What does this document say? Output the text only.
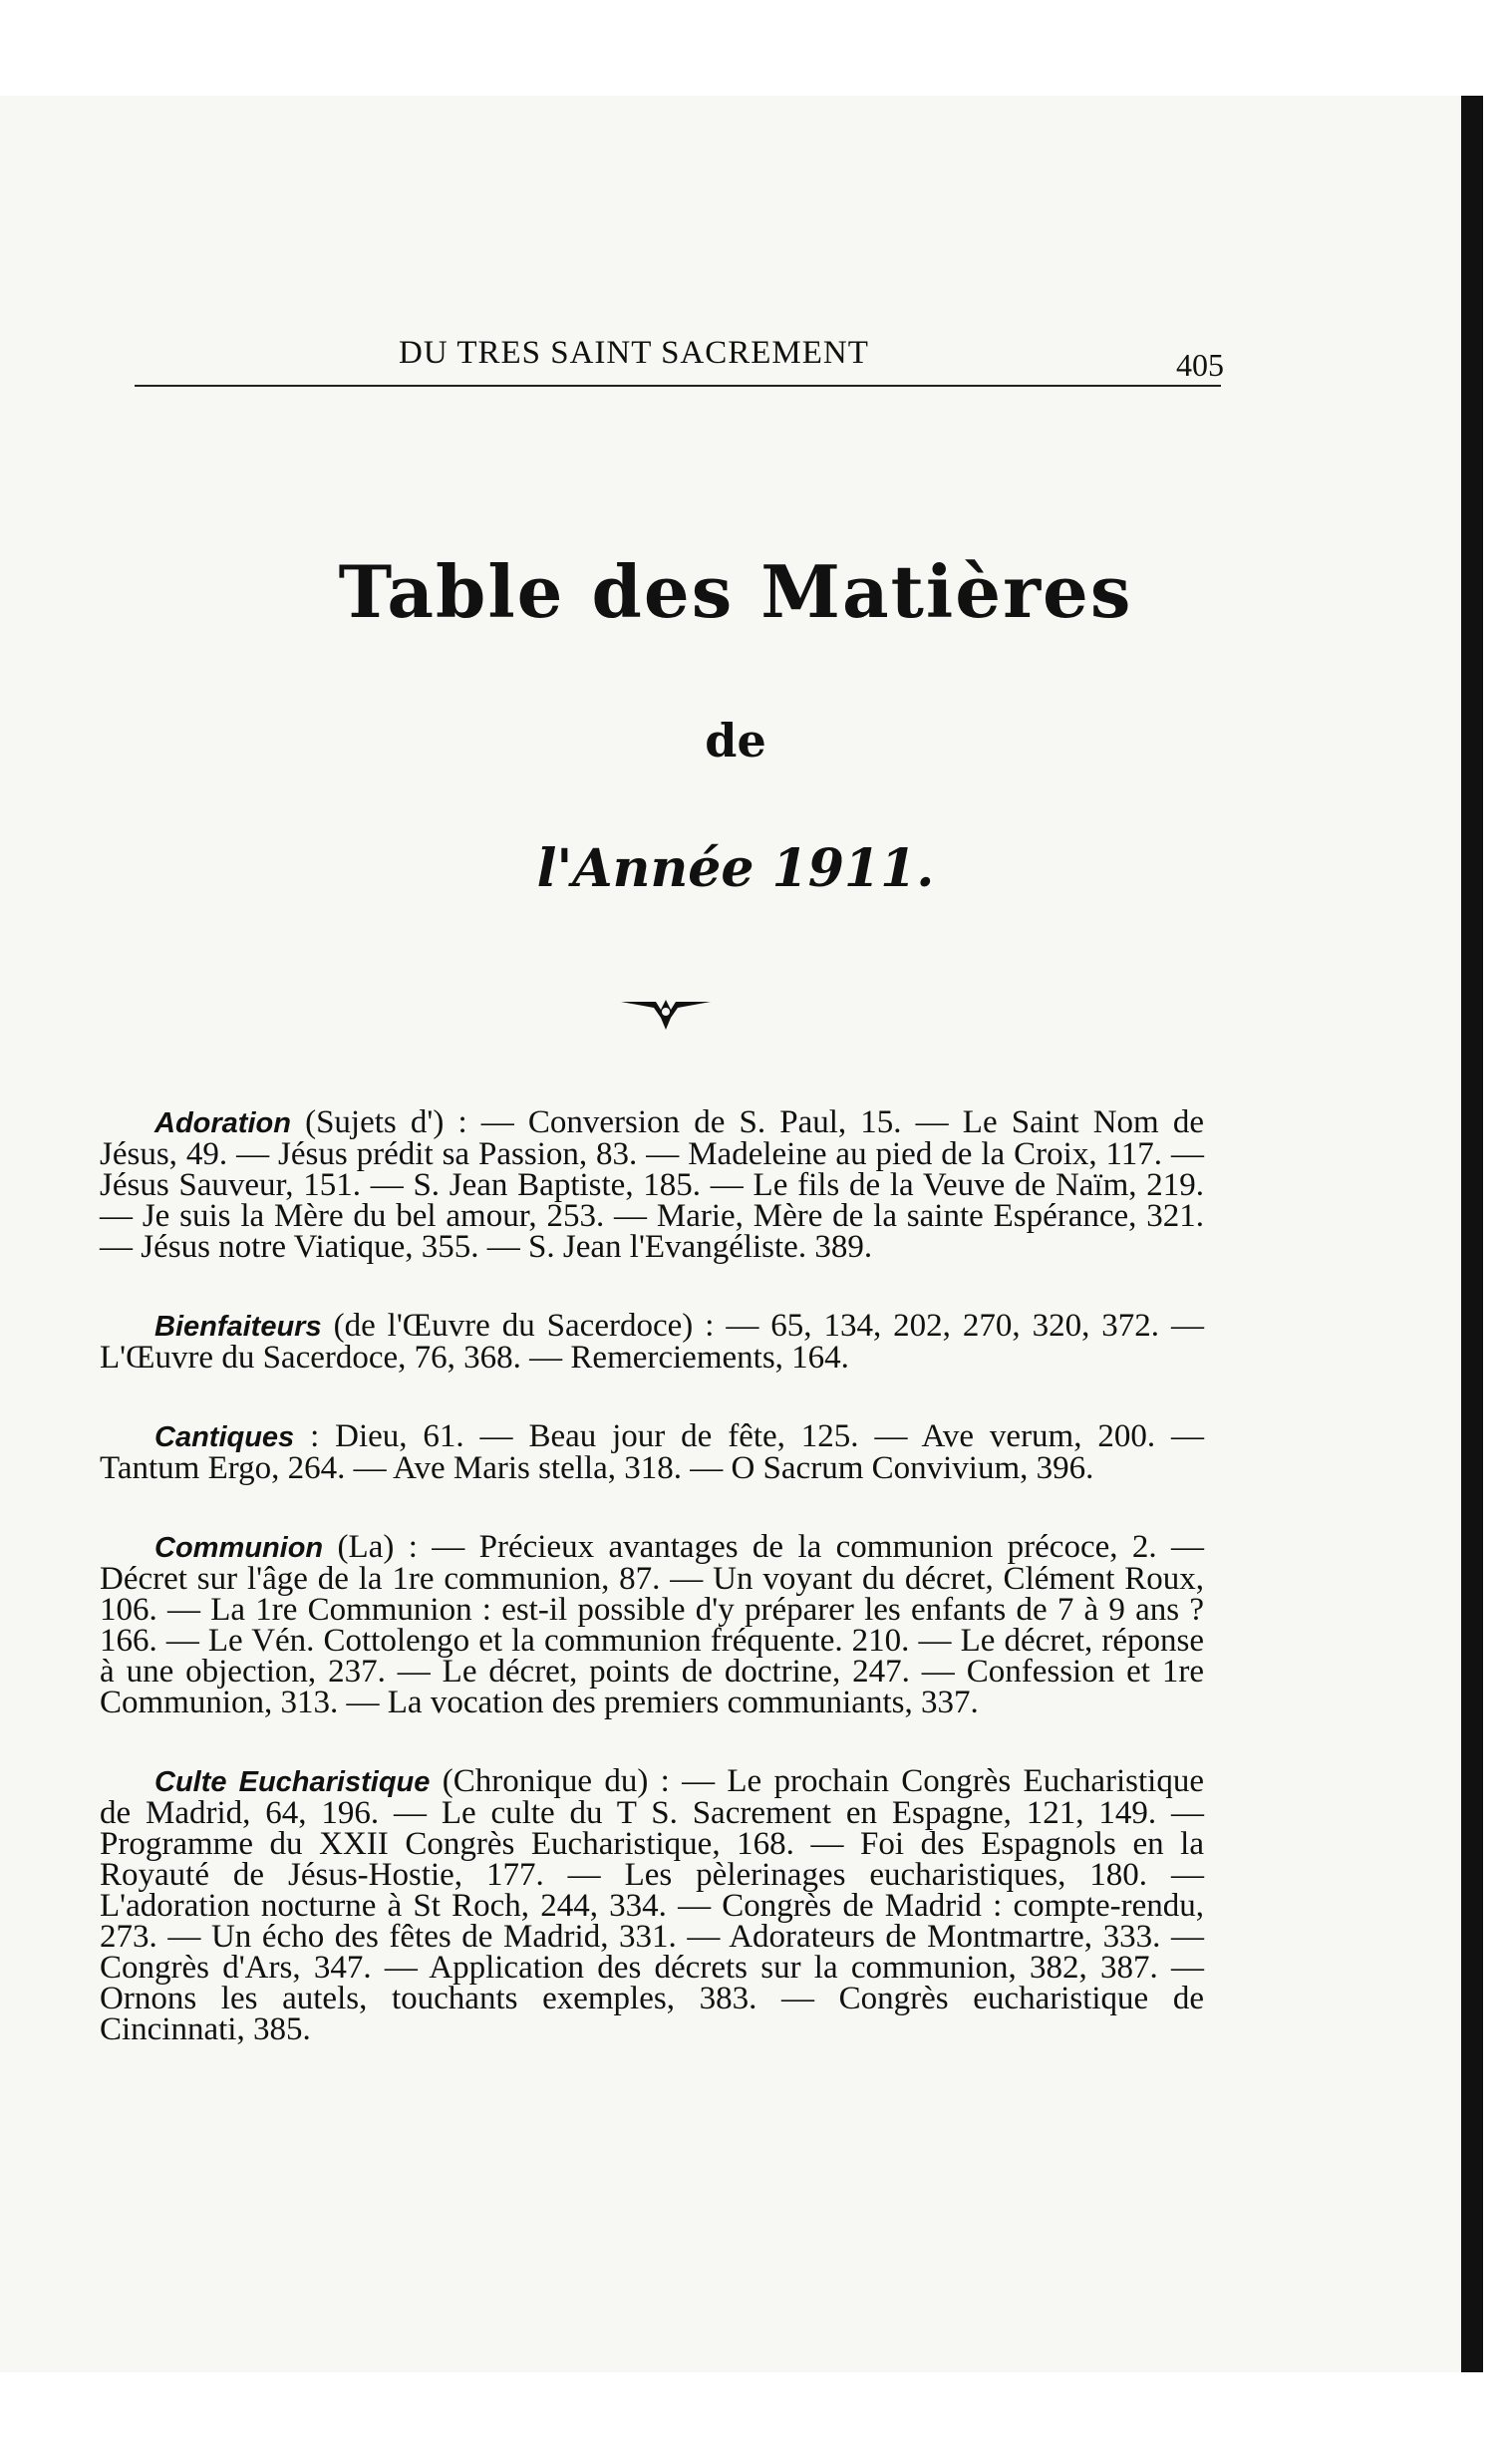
DU TRES SAINT SACREMENT	405
Table des Matières
de
l'Année 1911.

Adoration (Sujets d') : — Conversion de S. Paul, 15. — Le Saint Nom de Jésus, 49. — Jésus prédit sa Passion, 83. — Madeleine au pied de la Croix, 117. — Jésus Sauveur, 151. — S. Jean Baptiste, 185. — Le fils de la Veuve de Naïm, 219. — Je suis la Mère du bel amour, 253. — Marie, Mère de la sainte Espérance, 321. — Jésus notre Viatique, 355. — S. Jean l'Evangéliste. 389.

Bienfaiteurs (de l'Œuvre du Sacerdoce) : — 65, 134, 202, 270, 320, 372. — L'Œuvre du Sacerdoce, 76, 368. — Remerciements, 164.

Cantiques : Dieu, 61. — Beau jour de fête, 125. — Ave verum, 200. — Tantum Ergo, 264. — Ave Maris stella, 318. — O Sacrum Convivium, 396.

Communion (La) : — Précieux avantages de la communion précoce, 2. — Décret sur l'âge de la 1re communion, 87. — Un voyant du décret, Clément Roux, 106. — La 1re Communion : est-il possible d'y préparer les enfants de 7 à 9 ans ? 166. — Le Vén. Cottolengo et la communion fréquente. 210. — Le décret, réponse à une objection, 237. — Le décret, points de doctrine, 247. — Confession et 1re Communion, 313. — La vocation des premiers communiants, 337.

Culte Eucharistique (Chronique du) : — Le prochain Congrès Eucharistique de Madrid, 64, 196. — Le culte du T S. Sacrement en Espagne, 121, 149. — Programme du XXII Congrès Eucharistique, 168. — Foi des Espagnols en la Royauté de Jésus-Hostie, 177. — Les pèlerinages eucharistiques, 180. — L'adoration nocturne à St Roch, 244, 334. — Congrès de Madrid : compte-rendu, 273. — Un écho des fêtes de Madrid, 331. — Adorateurs de Montmartre, 333. — Congrès d'Ars, 347. — Application des décrets sur la communion, 382, 387. — Ornons les autels, touchants exemples, 383. — Congrès eucharistique de Cincinnati, 385.
